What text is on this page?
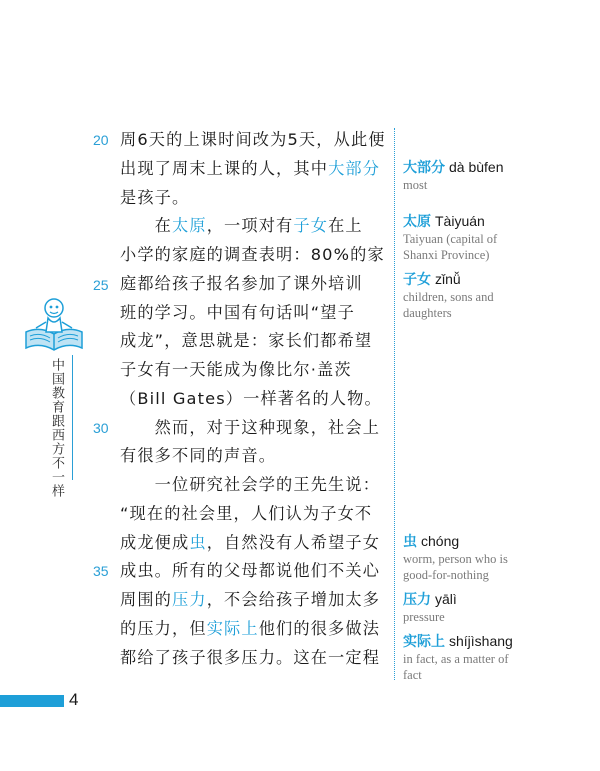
中国教育跟西方不一样
20
25
30
35
周6天的上课时间改为5天，从此便
出现了周末上课的人，其中大部分
是孩子。
　　在太原，一项对有子女在上
小学的家庭的调查表明：80%的家
庭都给孩子报名参加了课外培训
班的学习。中国有句话叫“望子
成龙”，意思就是：家长们都希望
子女有一天能成为像比尔·盖茨
（Bill Gates）一样著名的人物。
　　然而，对于这种现象，社会上
有很多不同的声音。
　　一位研究社会学的王先生说：
“现在的社会里，人们认为子女不
成龙便成虫，自然没有人希望子女
成虫。所有的父母都说他们不关心
周围的压力，不会给孩子增加太多
的压力，但实际上他们的很多做法
都给了孩子很多压力。这在一定程
大部分 dà bùfen
most
太原 Tàiyuán
Taiyuan (capital of
Shanxi Province)
子女 zǐnǚ
children, sons and
daughters
虫 chóng
worm, person who is
good-for-nothing
压力 yālì
pressure
实际上 shíjìshang
in fact, as a matter of
fact
4
